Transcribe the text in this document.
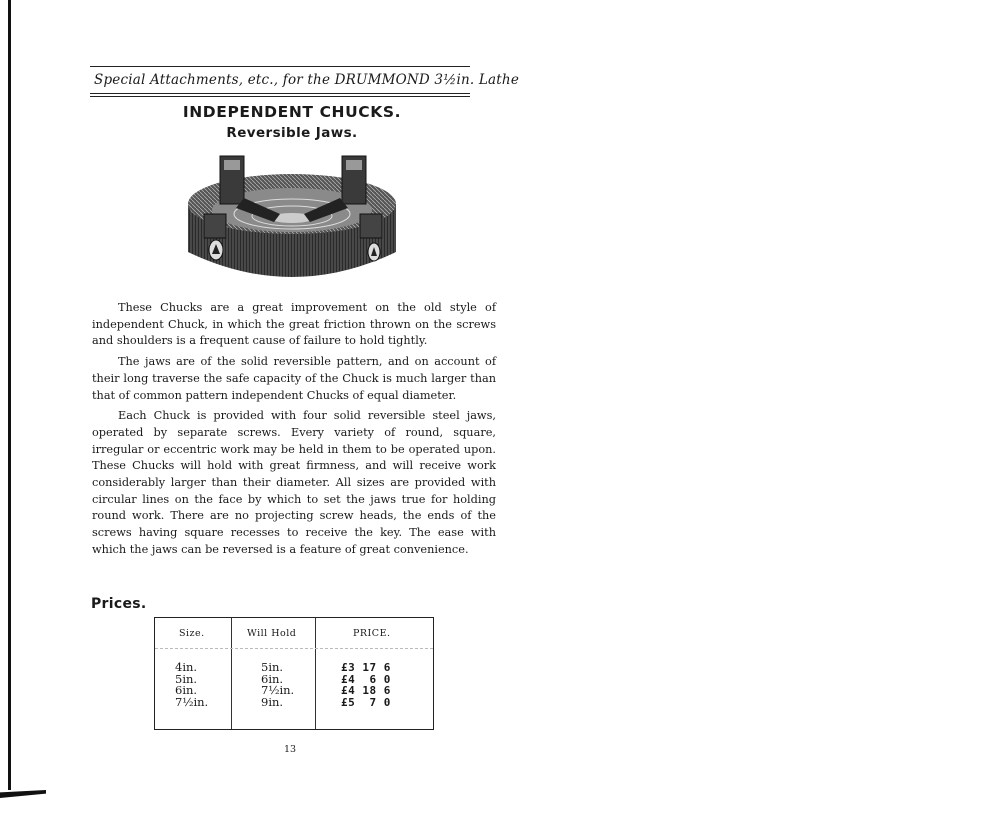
Special Attachments, etc., for the DRUMMOND 3½in. Lathe
INDEPENDENT CHUCKS.
Reversible Jaws.

These Chucks are a great improvement on the old style of independent Chuck, in which the great friction thrown on the screws and shoulders is a frequent cause of failure to hold tightly.

The jaws are of the solid reversible pattern, and on account of their long traverse the safe capacity of the Chuck is much larger than that of common pattern independent Chucks of equal diameter.

Each Chuck is provided with four solid reversible steel jaws, operated by separate screws. Every variety of round, square, irregular or eccentric work may be held in them to be operated upon. These Chucks will hold with great firmness, and will receive work considerably larger than their diameter. All sizes are provided with circular lines on the face by which to set the jaws true for holding round work. There are no projecting screw heads, the ends of the screws having square recesses to receive the key. The ease with which the jaws can be reversed is a feature of great convenience.

Prices.
Size.	Will Hold	PRICE.
4in.
5in.
6in.
7½in.
5in.
6in.
7½in.
9in.
£3 17 6
£4  6 0
£4 18 6
£5  7 0
13
